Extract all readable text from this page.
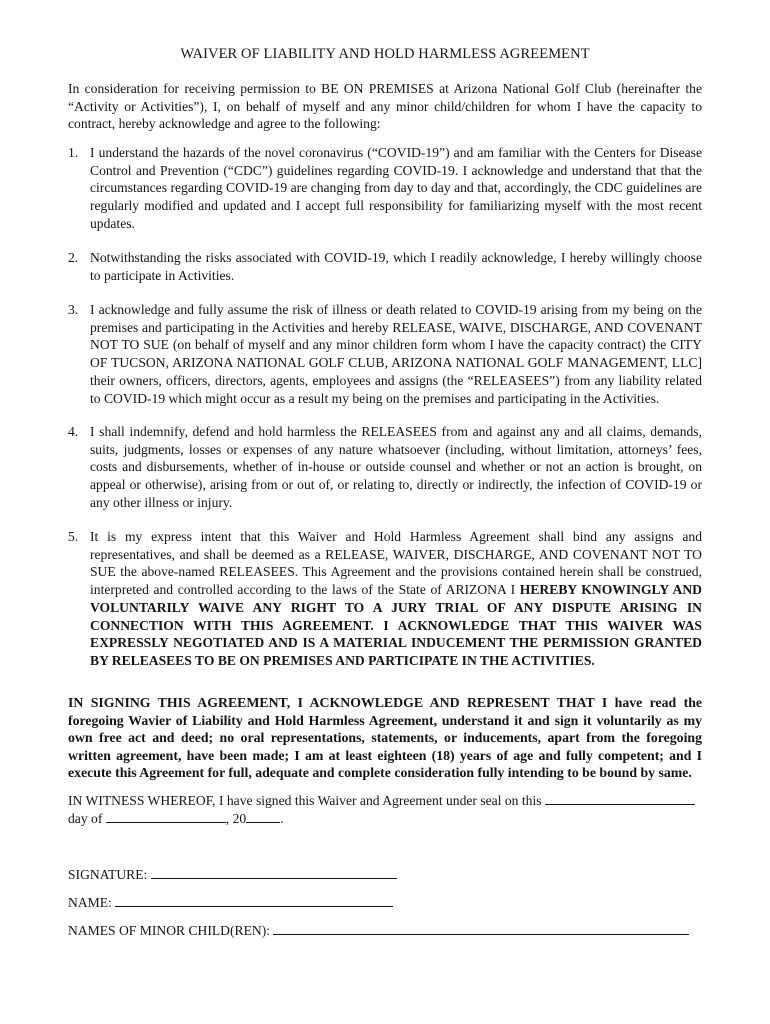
WAIVER OF LIABILITY AND HOLD HARMLESS AGREEMENT
In consideration for receiving permission to BE ON PREMISES at Arizona National Golf Club (hereinafter the “Activity or Activities”), I, on behalf of myself and any minor child/children for whom I have the capacity to contract, hereby acknowledge and agree to the following:
1. I understand the hazards of the novel coronavirus (“COVID-19”) and am familiar with the Centers for Disease Control and Prevention (“CDC”) guidelines regarding COVID-19. I acknowledge and understand that that the circumstances regarding COVID-19 are changing from day to day and that, accordingly, the CDC guidelines are regularly modified and updated and I accept full responsibility for familiarizing myself with the most recent updates.
2. Notwithstanding the risks associated with COVID-19, which I readily acknowledge, I hereby willingly choose to participate in Activities.
3. I acknowledge and fully assume the risk of illness or death related to COVID-19 arising from my being on the premises and participating in the Activities and hereby RELEASE, WAIVE, DISCHARGE, AND COVENANT NOT TO SUE (on behalf of myself and any minor children form whom I have the capacity contract) the CITY OF TUCSON, ARIZONA NATIONAL GOLF CLUB, ARIZONA NATIONAL GOLF MANAGEMENT, LLC] their owners, officers, directors, agents, employees and assigns (the “RELEASEES”) from any liability related to COVID-19 which might occur as a result my being on the premises and participating in the Activities.
4. I shall indemnify, defend and hold harmless the RELEASEES from and against any and all claims, demands, suits, judgments, losses or expenses of any nature whatsoever (including, without limitation, attorneys’ fees, costs and disbursements, whether of in-house or outside counsel and whether or not an action is brought, on appeal or otherwise), arising from or out of, or relating to, directly or indirectly, the infection of COVID-19 or any other illness or injury.
5. It is my express intent that this Waiver and Hold Harmless Agreement shall bind any assigns and representatives, and shall be deemed as a RELEASE, WAIVER, DISCHARGE, AND COVENANT NOT TO SUE the above-named RELEASEES. This Agreement and the provisions contained herein shall be construed, interpreted and controlled according to the laws of the State of ARIZONA I HEREBY KNOWINGLY AND VOLUNTARILY WAIVE ANY RIGHT TO A JURY TRIAL OF ANY DISPUTE ARISING IN CONNECTION WITH THIS AGREEMENT. I ACKNOWLEDGE THAT THIS WAIVER WAS EXPRESSLY NEGOTIATED AND IS A MATERIAL INDUCEMENT THE PERMISSION GRANTED BY RELEASEES TO BE ON PREMISES AND PARTICIPATE IN THE ACTIVITIES.
IN SIGNING THIS AGREEMENT, I ACKNOWLEDGE AND REPRESENT THAT I have read the foregoing Wavier of Liability and Hold Harmless Agreement, understand it and sign it voluntarily as my own free act and deed; no oral representations, statements, or inducements, apart from the foregoing written agreement, have been made; I am at least eighteen (18) years of age and fully competent; and I execute this Agreement for full, adequate and complete consideration fully intending to be bound by same.
IN WITNESS WHEREOF, I have signed this Waiver and Agreement under seal on this
day of	, 20	.
SIGNATURE:
NAME:
NAMES OF MINOR CHILD(REN):
